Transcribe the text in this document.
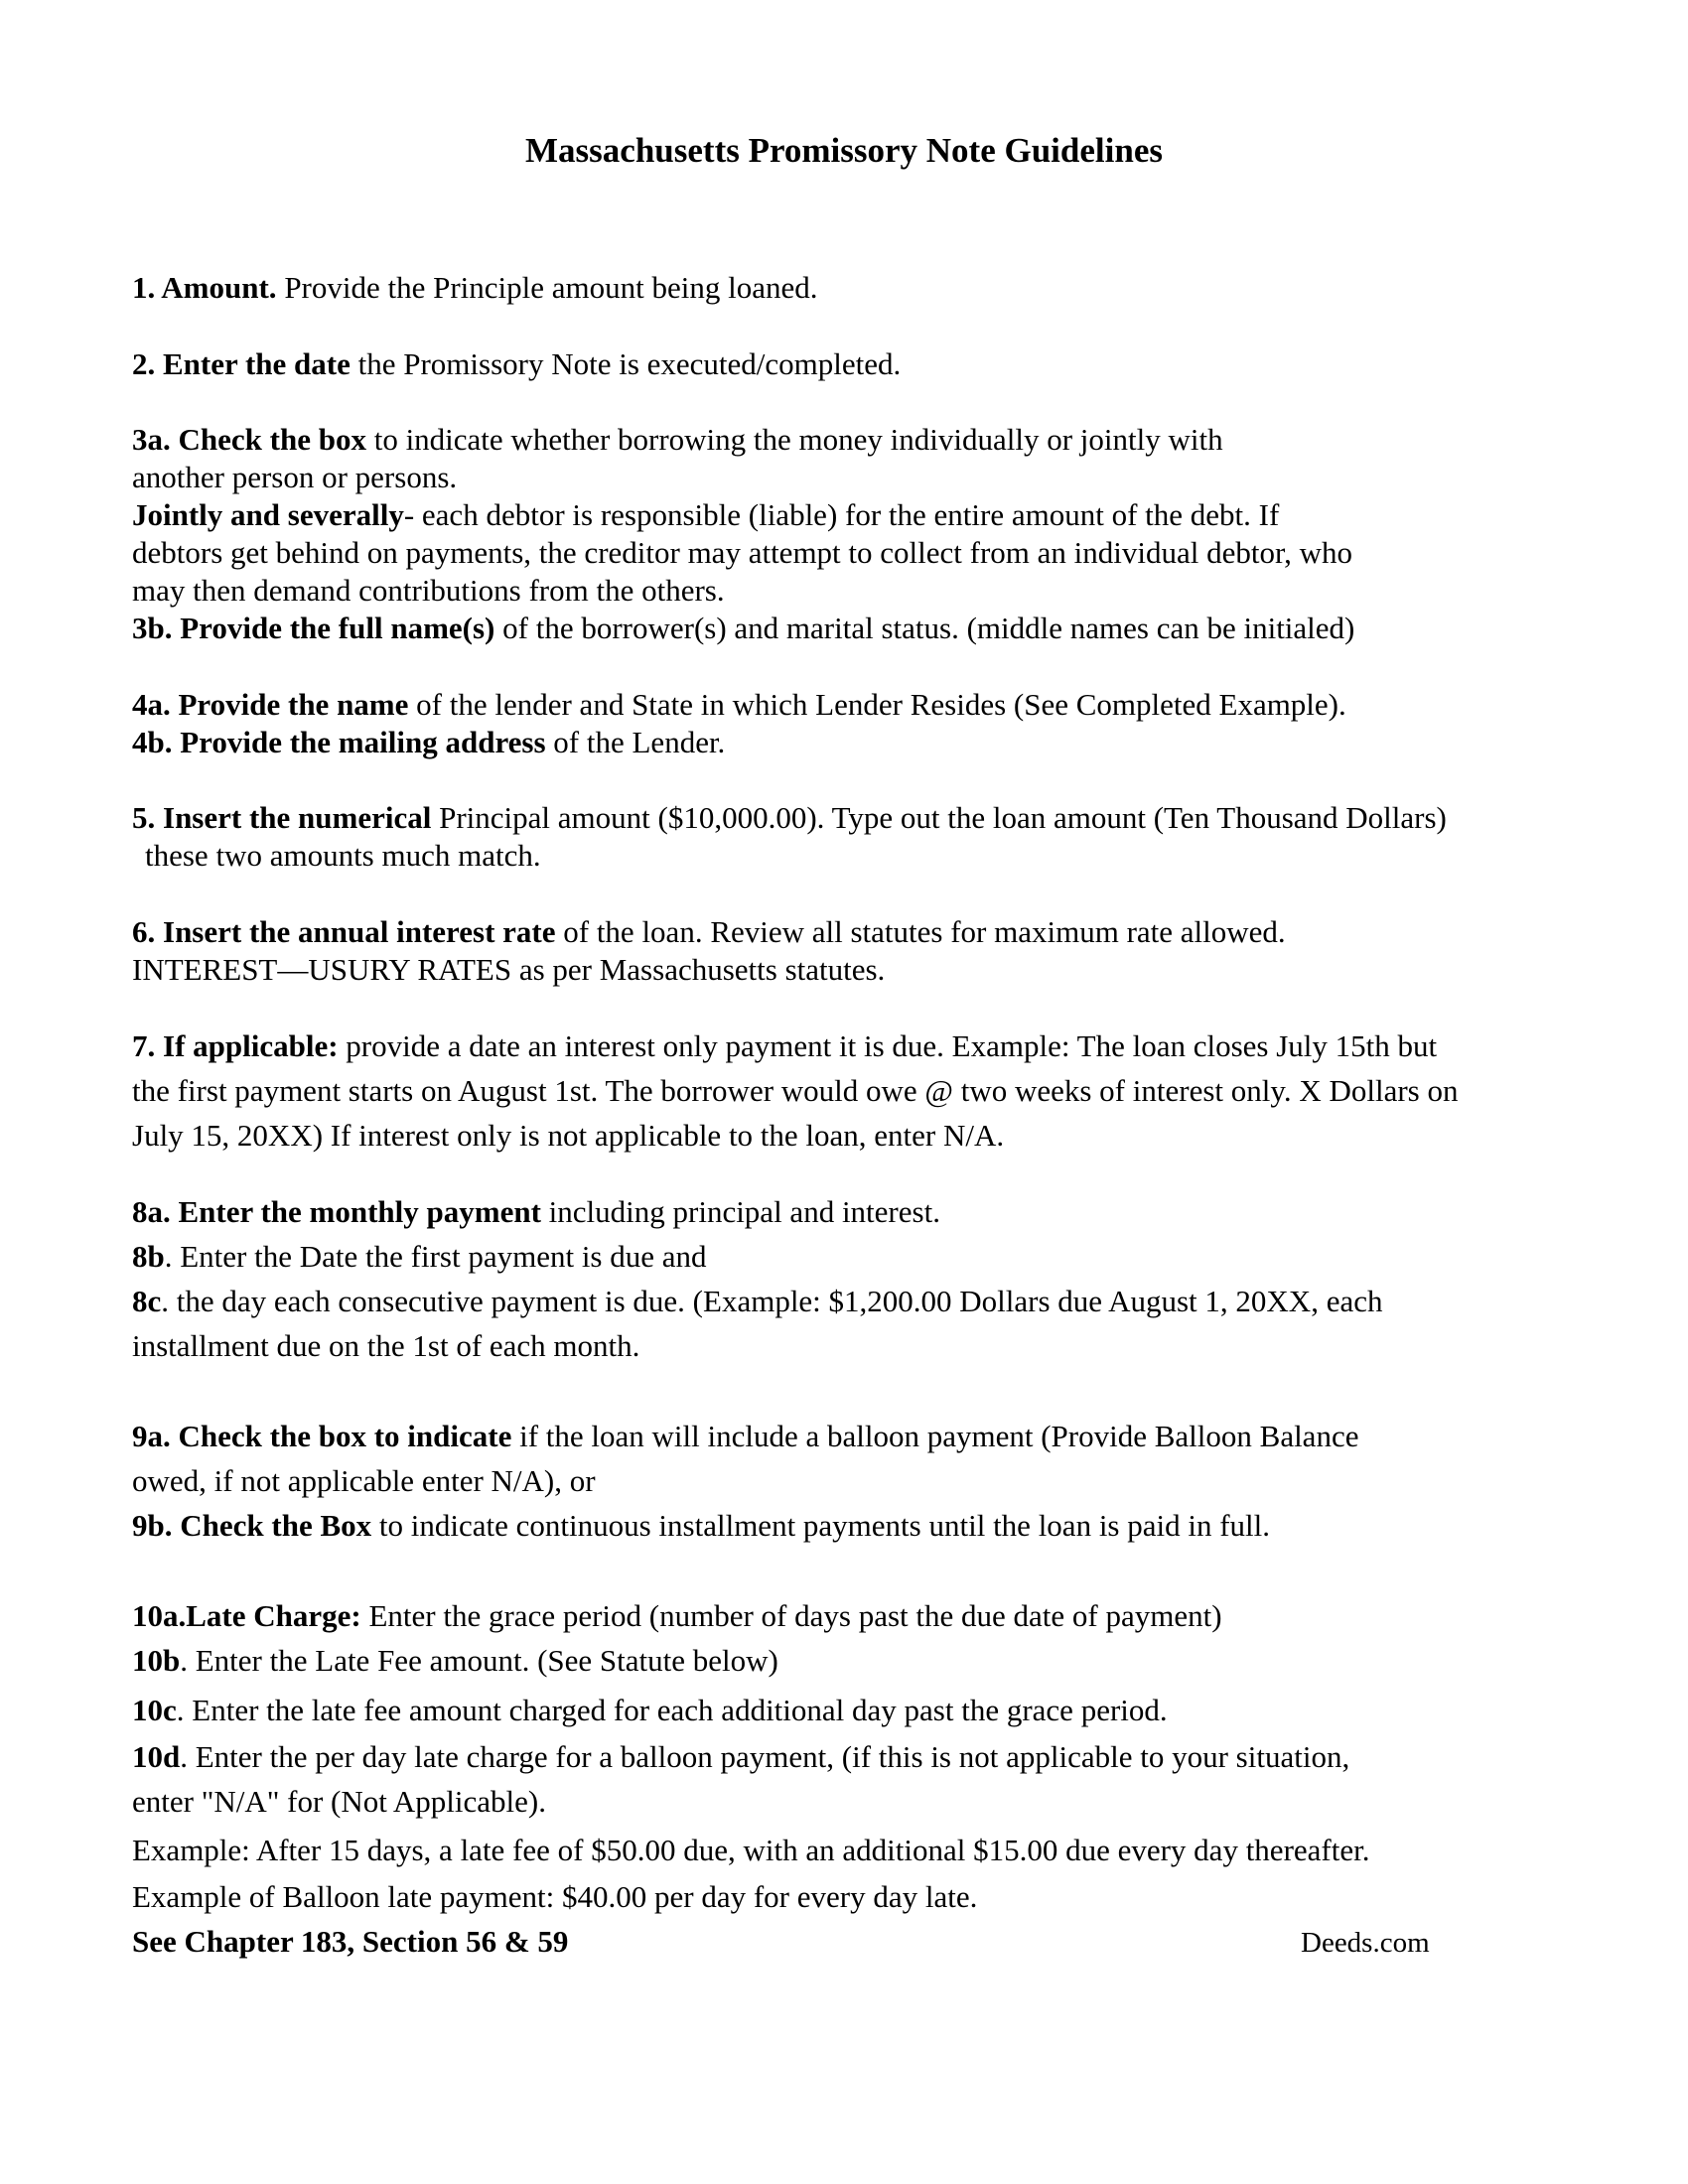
Massachusetts Promissory Note Guidelines
1. Amount. Provide the Principle amount being loaned.
2. Enter the date the Promissory Note is executed/completed.
3a. Check the box to indicate whether borrowing the money individually or jointly with
another person or persons.
Jointly and severally- each debtor is responsible (liable) for the entire amount of the debt. If
debtors get behind on payments, the creditor may attempt to collect from an individual debtor, who
may then demand contributions from the others.
3b. Provide the full name(s) of the borrower(s) and marital status. (middle names can be initialed)
4a. Provide the name of the lender and State in which Lender Resides (See Completed Example).
4b. Provide the mailing address of the Lender.
5. Insert the numerical Principal amount ($10,000.00). Type out the loan amount (Ten Thousand Dollars)
these two amounts much match.
6. Insert the annual interest rate of the loan. Review all statutes for maximum rate allowed.
INTEREST—USURY RATES as per Massachusetts statutes.
7. If applicable: provide a date an interest only payment it is due. Example: The loan closes July 15th but
the first payment starts on August 1st. The borrower would owe @ two weeks of interest only. X Dollars on
July 15, 20XX) If interest only is not applicable to the loan, enter N/A.
8a. Enter the monthly payment including principal and interest.
8b. Enter the Date the first payment is due and
8c. the day each consecutive payment is due. (Example: $1,200.00 Dollars due August 1, 20XX, each
installment due on the 1st of each month.
9a. Check the box to indicate if the loan will include a balloon payment (Provide Balloon Balance
owed, if not applicable enter N/A), or
9b. Check the Box to indicate continuous installment payments until the loan is paid in full.
10a.Late Charge: Enter the grace period (number of days past the due date of payment)
10b. Enter the Late Fee amount. (See Statute below)
10c. Enter the late fee amount charged for each additional day past the grace period.
10d. Enter the per day late charge for a balloon payment, (if this is not applicable to your situation,
enter "N/A" for (Not Applicable).
Example: After 15 days, a late fee of $50.00 due, with an additional $15.00 due every day thereafter.
Example of Balloon late payment: $40.00 per day for every day late.
See Chapter 183, Section 56 & 59	Deeds.com
